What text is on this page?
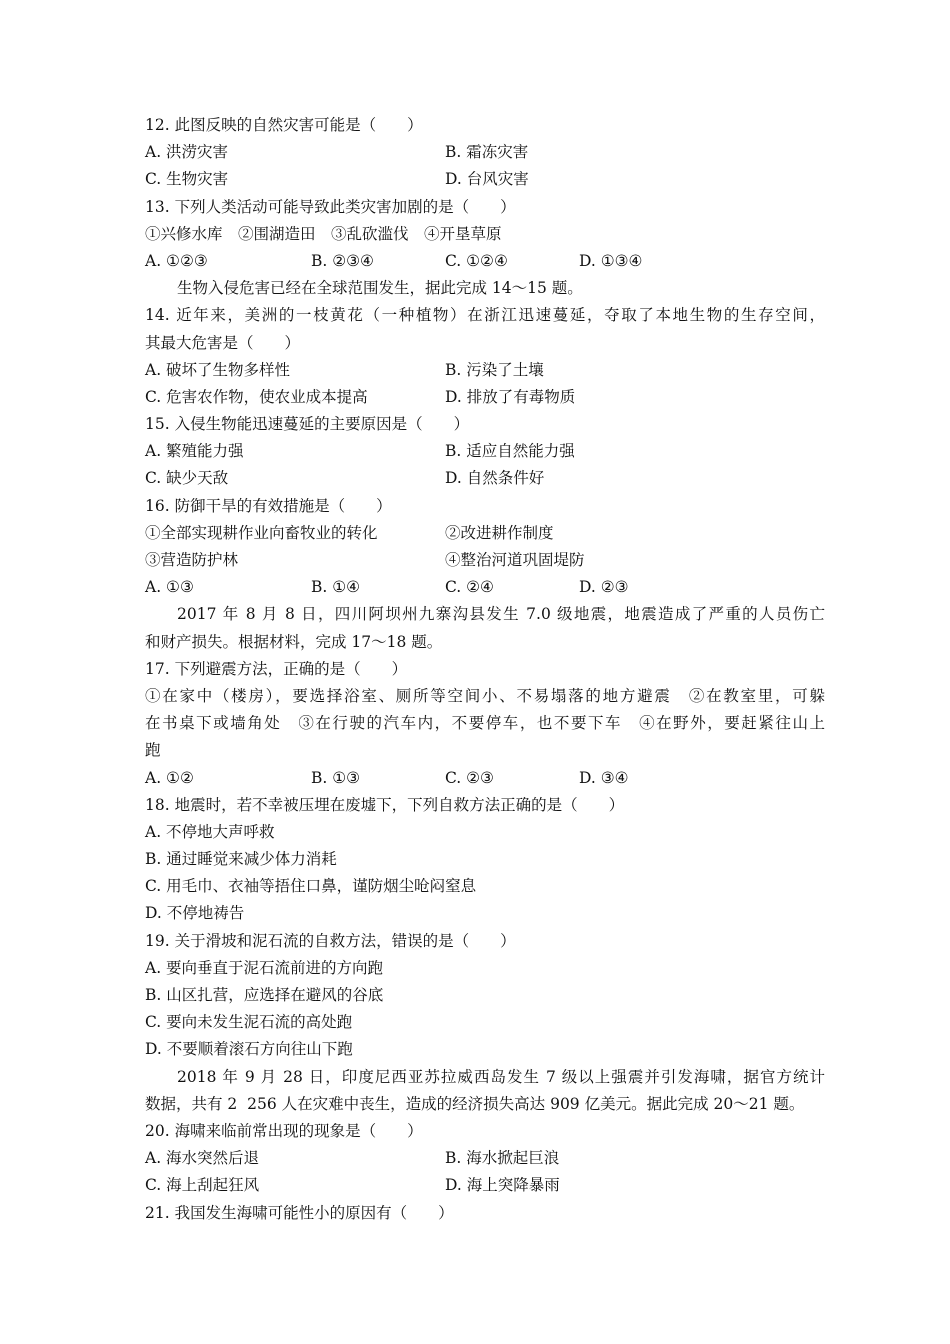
12. 此图反映的自然灾害可能是（　　）
A. 洪涝灾害	B. 霜冻灾害
C. 生物灾害	D. 台风灾害
13. 下列人类活动可能导致此类灾害加剧的是（　　）
①兴修水库　②围湖造田　③乱砍滥伐　④开垦草原
A. ①②③	B. ②③④	C. ①②④	D. ①③④
生物入侵危害已经在全球范围发生，据此完成 14～15 题。
14. 近年来，美洲的一枝黄花（一种植物）在浙江迅速蔓延，夺取了本地生物的生存空间，
其最大危害是（　　）
A. 破坏了生物多样性	B. 污染了土壤
C. 危害农作物，使农业成本提高	D. 排放了有毒物质
15. 入侵生物能迅速蔓延的主要原因是（　　）
A. 繁殖能力强	B. 适应自然能力强
C. 缺少天敌	D. 自然条件好
16. 防御干旱的有效措施是（　　）
①全部实现耕作业向畜牧业的转化	②改进耕作制度
③营造防护林	④整治河道巩固堤防
A. ①③	B. ①④	C. ②④	D. ②③
2017 年 8 月 8 日，四川阿坝州九寨沟县发生 7.0 级地震，地震造成了严重的人员伤亡
和财产损失。根据材料，完成 17～18 题。
17. 下列避震方法，正确的是（　　）
①在家中（楼房），要选择浴室、厕所等空间小、不易塌落的地方避震　②在教室里，可躲
在书桌下或墙角处　③在行驶的汽车内，不要停车，也不要下车　④在野外，要赶紧往山上
跑
A. ①②	B. ①③	C. ②③	D. ③④
18. 地震时，若不幸被压埋在废墟下，下列自救方法正确的是（　　）
A. 不停地大声呼救
B. 通过睡觉来减少体力消耗
C. 用毛巾、衣袖等捂住口鼻，谨防烟尘呛闷窒息
D. 不停地祷告
19. 关于滑坡和泥石流的自救方法，错误的是（　　）
A. 要向垂直于泥石流前进的方向跑
B. 山区扎营，应选择在避风的谷底
C. 要向未发生泥石流的高处跑
D. 不要顺着滚石方向往山下跑
2018 年 9 月 28 日，印度尼西亚苏拉威西岛发生 7 级以上强震并引发海啸，据官方统计
数据，共有 2  256 人在灾难中丧生，造成的经济损失高达 909 亿美元。据此完成 20～21 题。
20. 海啸来临前常出现的现象是（　　）
A. 海水突然后退	B. 海水掀起巨浪
C. 海上刮起狂风	D. 海上突降暴雨
21. 我国发生海啸可能性小的原因有（　　）
